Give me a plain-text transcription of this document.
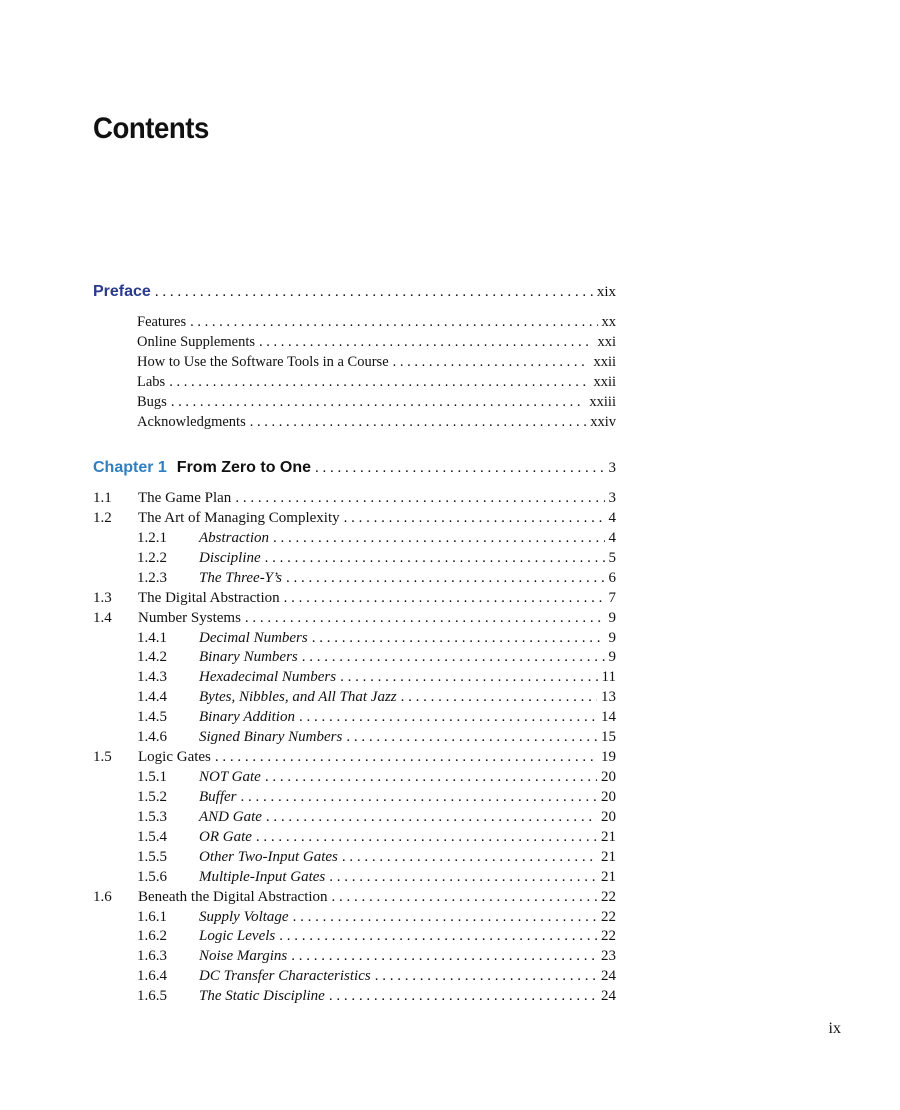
Contents
Preface . . .	xix
Features . . .	xx
Online Supplements . . .	xxi
How to Use the Software Tools in a Course . . .	xxii
Labs . . .	xxii
Bugs . . .	xxiii
Acknowledgments . . .	xxiv
Chapter 1 From Zero to One . . .	3
1.1	The Game Plan . . .	3
1.2	The Art of Managing Complexity . . .	4
1.2.1	Abstraction . . .	4
1.2.2	Discipline . . .	5
1.2.3	The Three-Y’s . . .	6
1.3	The Digital Abstraction . . .	7
1.4	Number Systems . . .	9
1.4.1	Decimal Numbers . . .	9
1.4.2	Binary Numbers . . .	9
1.4.3	Hexadecimal Numbers . . .	11
1.4.4	Bytes, Nibbles, and All That Jazz . . .	13
1.4.5	Binary Addition . . .	14
1.4.6	Signed Binary Numbers . . .	15
1.5	Logic Gates . . .	19
1.5.1	NOT Gate . . .	20
1.5.2	Buffer . . .	20
1.5.3	AND Gate . . .	20
1.5.4	OR Gate . . .	21
1.5.5	Other Two-Input Gates . . .	21
1.5.6	Multiple-Input Gates . . .	21
1.6	Beneath the Digital Abstraction . . .	22
1.6.1	Supply Voltage . . .	22
1.6.2	Logic Levels . . .	22
1.6.3	Noise Margins . . .	23
1.6.4	DC Transfer Characteristics . . .	24
1.6.5	The Static Discipline . . .	24
ix
